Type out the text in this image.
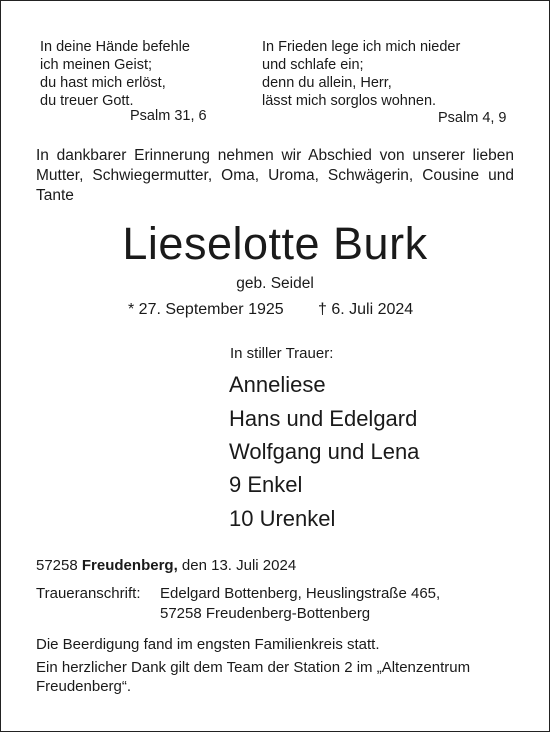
In deine Hände befehle
ich meinen Geist;
du hast mich erlöst,
du treuer Gott.
Psalm 31, 6
In Frieden lege ich mich nieder
und schlafe ein;
denn du allein, Herr,
lässt mich sorglos wohnen.
Psalm 4, 9
In dankbarer Erinnerung nehmen wir Abschied von unserer lieben Mutter, Schwiegermutter, Oma, Uroma, Schwägerin, Cousine und Tante
Lieselotte Burk
geb. Seidel
* 27. September 1925 † 6. Juli 2024
In stiller Trauer:
Anneliese
Hans und Edelgard
Wolfgang und Lena
9 Enkel
10 Urenkel
57258 Freudenberg, den 13. Juli 2024
Traueranschrift: Edelgard Bottenberg, Heuslingstraße 465,
57258 Freudenberg-Bottenberg
Die Beerdigung fand im engsten Familienkreis statt.
Ein herzlicher Dank gilt dem Team der Station 2 im „Altenzentrum
Freudenberg“.
